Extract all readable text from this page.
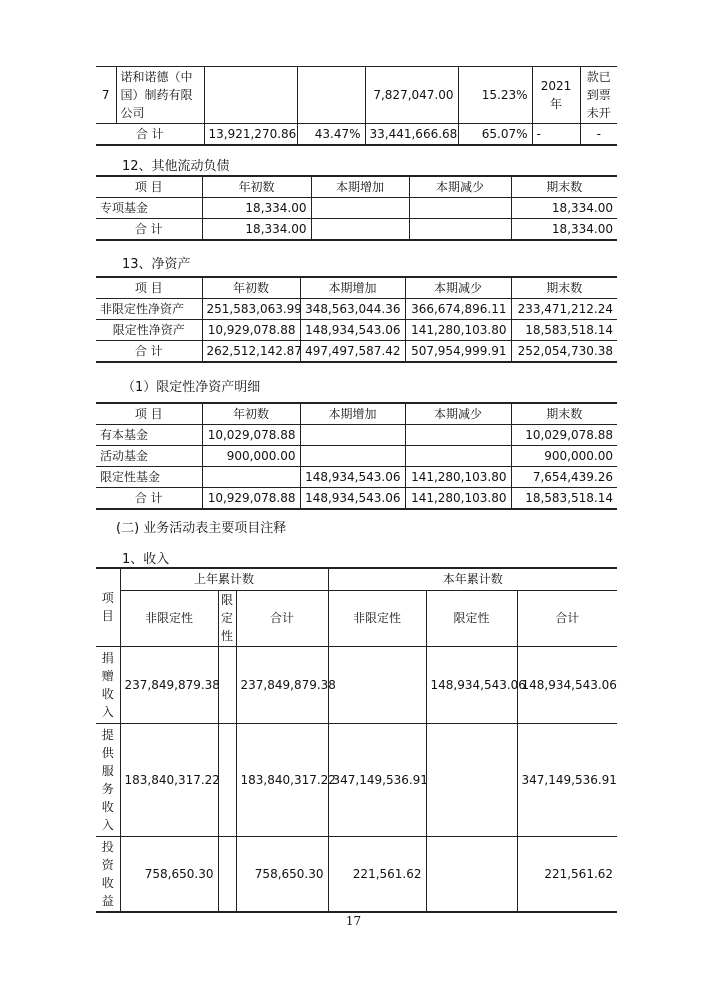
7	诺和诺德（中国）制药有限公司			7,827,047.00	15.23%	2021 年	款已到票未开
合 计		13,921,270.86	43.47%	33,441,666.68	65.07%	-	-
12、其他流动负债
项 目	年初数	本期增加	本期减少	期末数
专项基金	18,334.00			18,334.00
合 计	18,334.00			18,334.00
13、净资产
项 目	年初数	本期增加	本期减少	期末数
非限定性净资产	251,583,063.99	348,563,044.36	366,674,896.11	233,471,212.24
限定性净资产	10,929,078.88	148,934,543.06	141,280,103.80	18,583,518.14
合 计	262,512,142.87	497,497,587.42	507,954,999.91	252,054,730.38
（1）限定性净资产明细
项 目	年初数	本期增加	本期减少	期末数
有本基金	10,029,078.88			10,029,078.88
活动基金	900,000.00			900,000.00
限定性基金		148,934,543.06	141,280,103.80	7,654,439.26
合 计	10,929,078.88	148,934,543.06	141,280,103.80	18,583,518.14
(二) 业务活动表主要项目注释
1、收入
项目	上年累计数			本年累计数		
	非限定性	限定性	合计	非限定性	限定性	合计

捐赠收入	237,849,879.38		237,849,879.38		148,934,543.06	148,934,543.06

提供服务收入	183,840,317.22		183,840,317.22	347,149,536.91		347,149,536.91

投资收益	758,650.30		758,650.30	221,561.62		221,561.62
17
